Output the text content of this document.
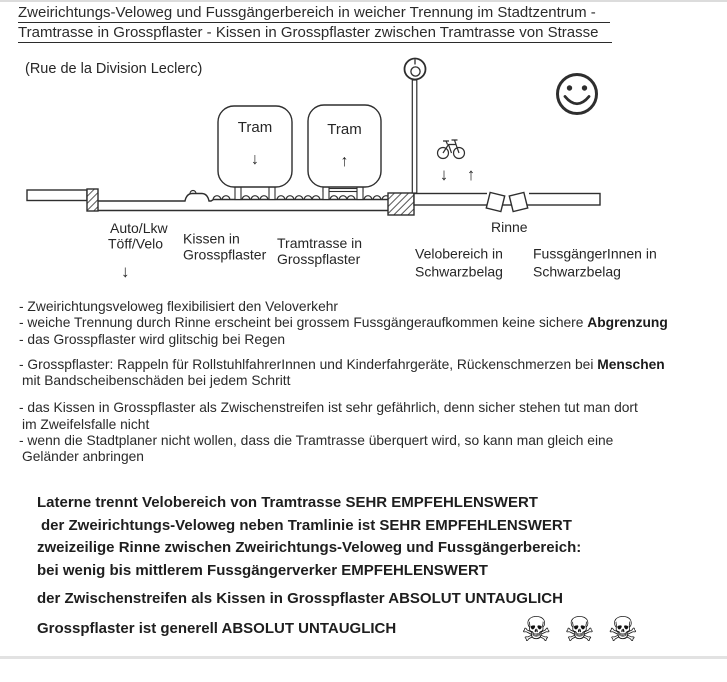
Zweirichtungs-Veloweg und Fussgängerbereich in weicher Trennung im Stadtzentrum -
Tramtrasse in Grosspflaster - Kissen in Grosspflaster zwischen Tramtrasse von Strasse
(Rue de la Division Leclerc)
Tram
↓
Tram
↑
↓ ↑
Auto/Lkw
Töff/Velo
↓
Kissen in
Grosspflaster
Tramtrasse in
Grosspflaster
Rinne
Velobereich in
Schwarzbelag
FussgängerInnen in
Schwarzbelag
- Zweirichtungsveloweg flexibilisiert den Veloverkehr
- weiche Trennung durch Rinne erscheint bei grossem Fussgängeraufkommen keine sichere Abgrenzung
- das Grosspflaster wird glitschig bei Regen
- Grosspflaster: Rappeln für RollstuhlfahrerInnen und Kinderfahrgeräte, Rückenschmerzen bei Menschen
mit Bandscheibenschäden bei jedem Schritt
- das Kissen in Grosspflaster als Zwischenstreifen ist sehr gefährlich, denn sicher stehen tut man dort
im Zweifelsfalle nicht
- wenn die Stadtplaner nicht wollen, dass die Tramtrasse überquert wird, so kann man gleich eine
Geländer anbringen
Laterne trennt Velobereich von Tramtrasse SEHR EMPFEHLENSWERT
der Zweirichtungs-Veloweg neben Tramlinie ist SEHR EMPFEHLENSWERT
zweizeilige Rinne zwischen Zweirichtungs-Veloweg und Fussgängerbereich:
bei wenig bis mittlerem Fussgängerverker EMPFEHLENSWERT
der Zwischenstreifen als Kissen in Grosspflaster ABSOLUT UNTAUGLICH
Grosspflaster ist generell ABSOLUT UNTAUGLICH	☠ ☠ ☠
